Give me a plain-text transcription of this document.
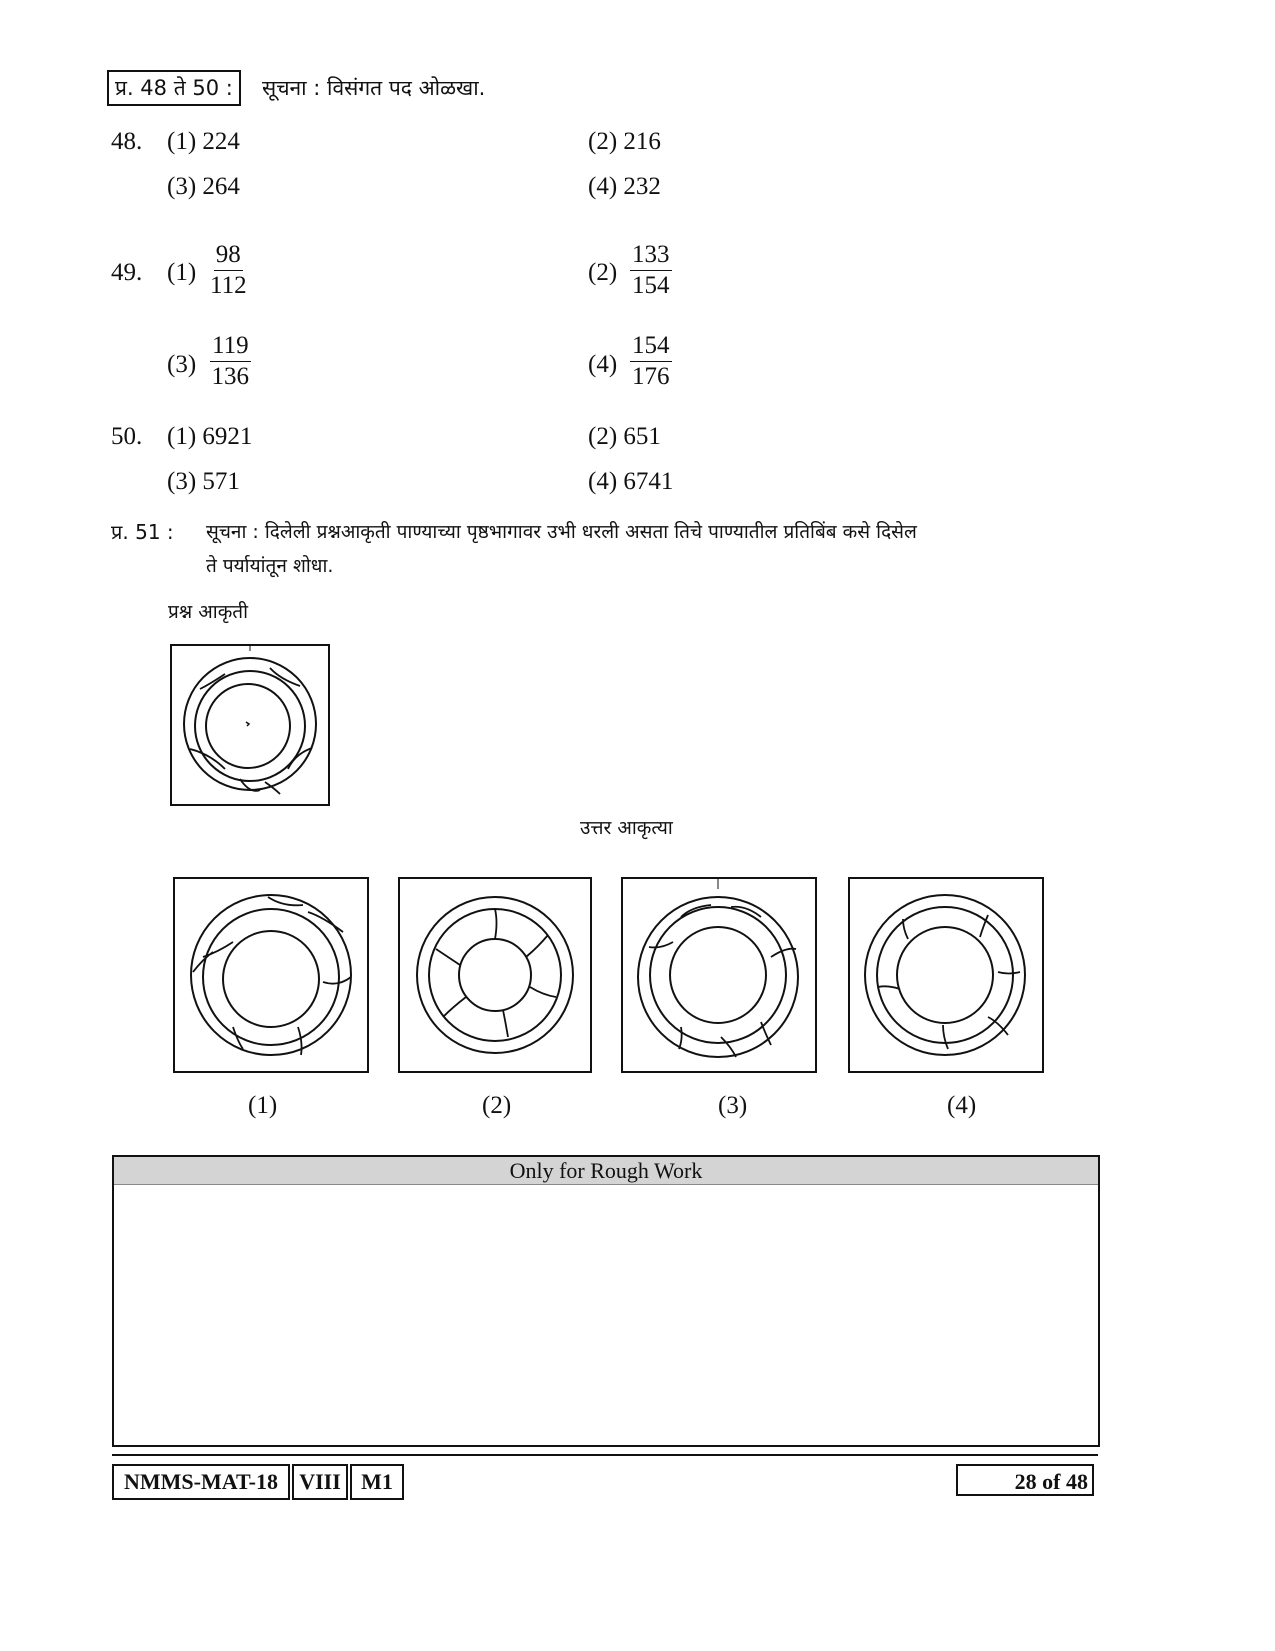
प्र. 48 ते 50 :	सूचना : विसंगत पद ओळखा.
48. (1) 224	(2) 216
(3) 264	(4) 232
49. $(1) \frac{98}{112}$	$(2) \frac{133}{154}$
$(3) \frac{119}{136}$	$(4) \frac{154}{176}$
50. (1) 6921	(2) 651
(3) 571	(4) 6741
प्र. 51 : सूचना : दिलेली प्रश्नआकृती पाण्याच्या पृष्ठभागावर उभी धरली असता तिचे पाण्यातील प्रतिबिंब कसे दिसेल
ते पर्यायांतून शोधा.
प्रश्न आकृती
उत्तर आकृत्या
(1)	(2)	(3)	(4)
Only for Rough Work
NMMS-MAT-18 VIII M1	28 of 48
